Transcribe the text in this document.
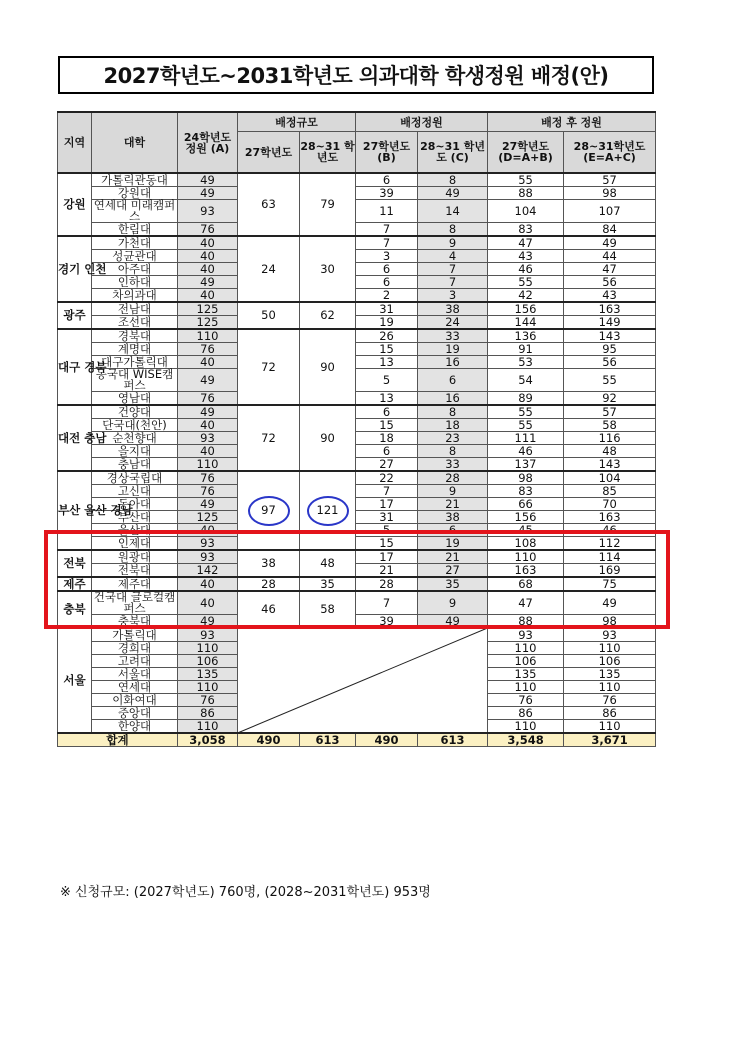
2027학년도~2031학년도 의과대학 학생정원 배정(안)
지역	대학	24학년도 정원 (A)	배정규모		배정정원		배정 후 정원	
			27학년도	28~31 학년도	27학년도 (B)	28~31 학년도 (C)	27학년도 (D=A+B)	28~31학년도 (E=A+C)
강원	가톨릭관동대	49	63	79	6	8	55	57
	강원대	49			39	49	88	98
	연세대 미래캠퍼스	93			11	14	104	107
	한림대	76			7	8	83	84
경기 인천	가천대	40	24	30	7	9	47	49
	성균관대	40			3	4	43	44
	아주대	40			6	7	46	47
	인하대	49			6	7	55	56
	차의과대	40			2	3	42	43
광주	전남대	125	50	62	31	38	156	163
	조선대	125			19	24	144	149
대구 경북	경북대	110	72	90	26	33	136	143
	계명대	76			15	19	91	95
	대구가톨릭대	40			13	16	53	56
	동국대 WISE캠퍼스	49			5	6	54	55
	영남대	76			13	16	89	92
대전 충남	건양대	49	72	90	6	8	55	57
	단국대(천안)	40			15	18	55	58
	순천향대	93			18	23	111	116
	을지대	40			6	8	46	48
	충남대	110			27	33	137	143
부산 울산 경남	경상국립대	76	97	121	22	28	98	104
	고신대	76			7	9	83	85
	동아대	49			17	21	66	70
	부산대	125			31	38	156	163
	울산대	40			5	6	45	46
	인제대	93			15	19	108	112
전북	원광대	93	38	48	17	21	110	114
	전북대	142			21	27	163	169
제주	제주대	40	28	35	28	35	68	75
충북	건국대 글로컬캠퍼스	40	46	58	7	9	47	49
	충북대	49			39	49	88	98
서울	가톨릭대	93					93	93
	경희대	110					110	110
	고려대	106					106	106
	서울대	135					135	135
	연세대	110					110	110
	이화여대	76					76	76
	중앙대	86					86	86
	한양대	110					110	110
합계		3,058	490	613	490	613	3,548	3,671
※ 신청규모: (2027학년도) 760명, (2028~2031학년도) 953명
